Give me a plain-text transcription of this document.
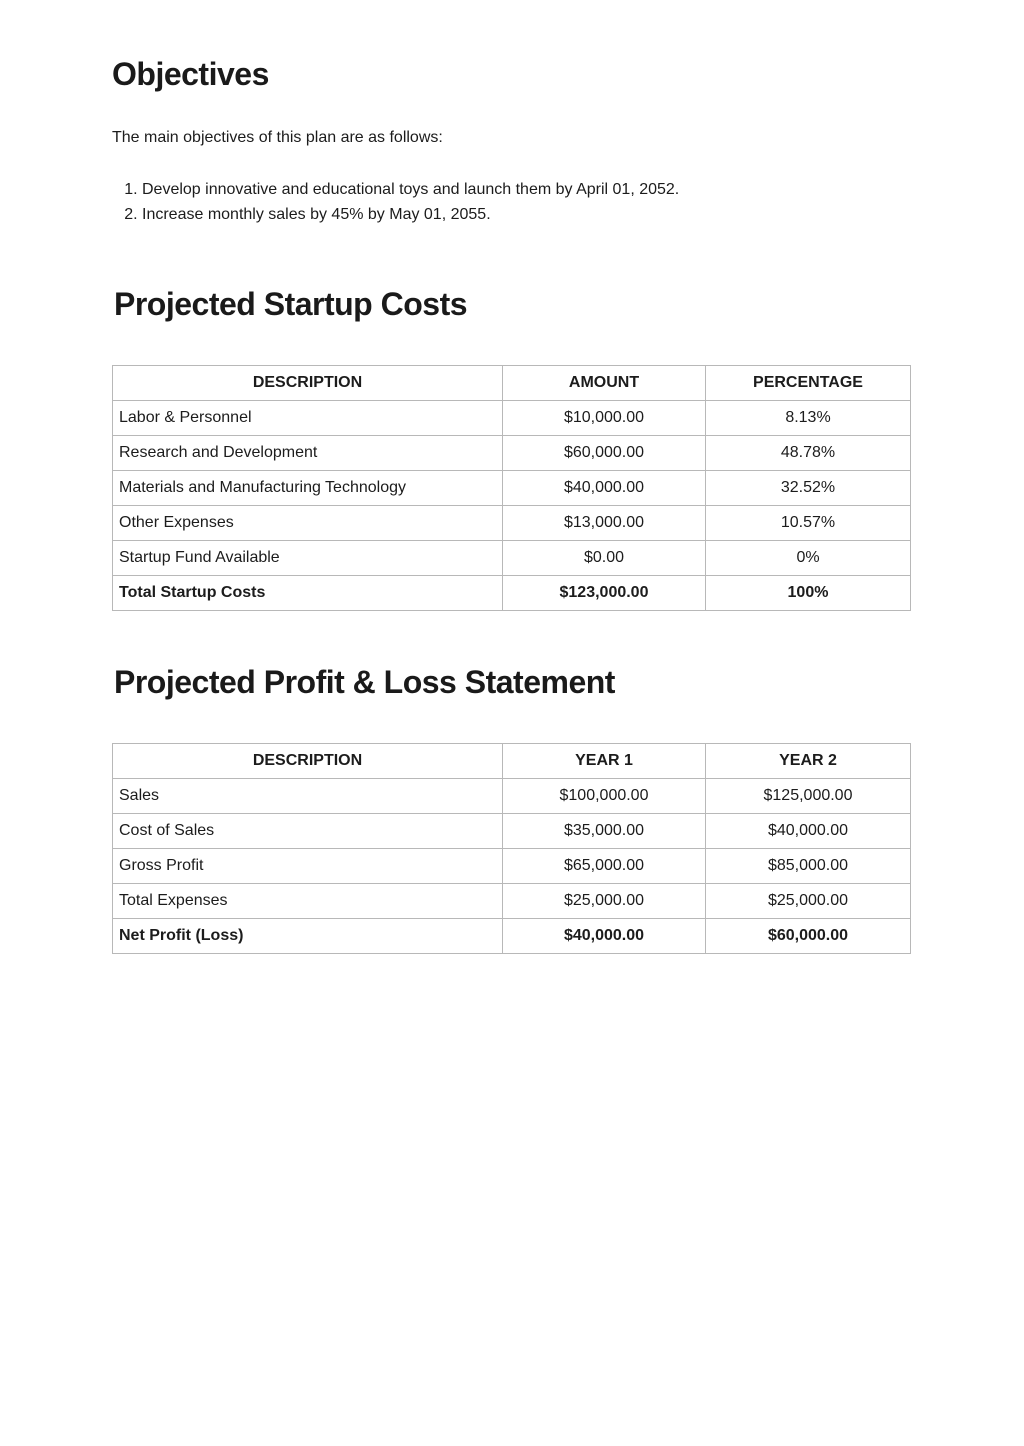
Objectives

The main objectives of this plan are as follows:

1. Develop innovative and educational toys and launch them by April 01, 2052.
2. Increase monthly sales by 45% by May 01, 2055.
Projected Startup Costs
DESCRIPTION	AMOUNT	PERCENTAGE
Labor & Personnel	$10,000.00	8.13%
Research and Development	$60,000.00	48.78%
Materials and Manufacturing Technology	$40,000.00	32.52%
Other Expenses	$13,000.00	10.57%
Startup Fund Available	$0.00	0%
Total Startup Costs	$123,000.00	100%
Projected Profit & Loss Statement
DESCRIPTION	YEAR 1	YEAR 2
Sales	$100,000.00	$125,000.00
Cost of Sales	$35,000.00	$40,000.00
Gross Profit	$65,000.00	$85,000.00
Total Expenses	$25,000.00	$25,000.00
Net Profit (Loss)	$40,000.00	$60,000.00
